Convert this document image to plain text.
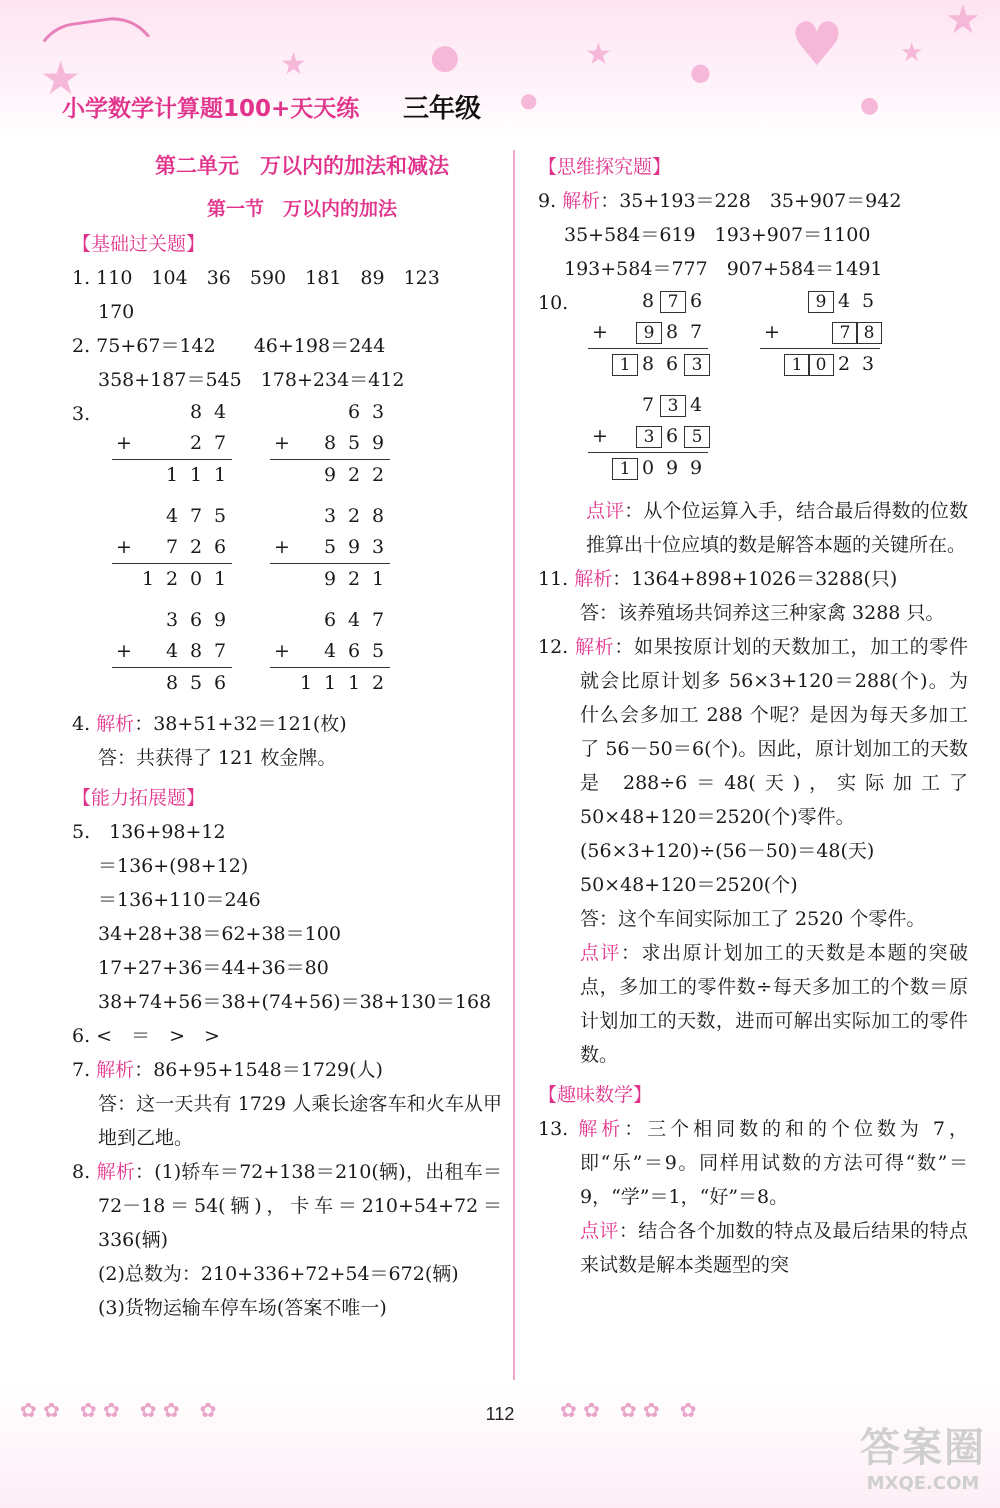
★	★	●	★	● ♥ ★
★
●	●
小学数学计算题100+天天练 三年级
第二单元　万以内的加法和减法
第一节　万以内的加法
【基础过关题】
1. 110　104　36　590　181　89　123
170
2. 75+67＝142　　46+198＝244
358+187＝545　178+234＝412
3.	8 4
+	2 7
1 1 1
6 3
+	8 5 9
9 2 2
4 7 5
+	7 2 6
1 2 0 1
3 2 8
+	5 9 3
9 2 1
3 6 9
+	4 8 7
8 5 6
6 4 7
+	4 6 5
1 1 1 2
4. 解析：38+51+32＝121(枚)
答：共获得了 121 枚金牌。
【能力拓展题】
5.　136+98+12
＝136+(98+12)
＝136+110＝246
34+28+38＝62+38＝100
17+27+36＝44+36＝80
38+74+56＝38+(74+56)＝38+130＝168
6. <　＝　>　>
7. 解析：86+95+1548＝1729(人)
答：这一天共有 1729 人乘长途客车和火车从甲地到乙地。
8. 解析：(1)轿车＝72+138＝210(辆)，出租车＝72－18＝54(辆)，卡车＝210+54+72＝336(辆)
(2)总数为：210+336+72+54＝672(辆)
(3)货物运输车停车场(答案不唯一)
【思维探究题】
9. 解析：35+193＝228　35+907＝942
35+584＝619　193+907＝1100
193+584＝777　907+584＝1491
10.	8 7 6
+	9 8 7
1 8 6 3
9 4 5
+	7 8
1 0 2 3
7 3 4
+	3 6 5
1 0 9 9
点评：从个位运算入手，结合最后得数的位数推算出十位应填的数是解答本题的关键所在。
11. 解析：1364+898+1026＝3288(只)
答：该养殖场共饲养这三种家禽 3288 只。
12. 解析：如果按原计划的天数加工，加工的零件就会比原计划多 56×3+120＝288(个)。为什么会多加工 288 个呢？是因为每天多加工了 56－50＝6(个)。因此，原计划加工的天数是 288÷6＝48(天)，实际加工了 50×48+120＝2520(个)零件。
(56×3+120)÷(56－50)＝48(天)
50×48+120＝2520(个)
答：这个车间实际加工了 2520 个零件。
点评：求出原计划加工的天数是本题的突破点，多加工的零件数÷每天多加工的个数＝原计划加工的天数，进而可解出实际加工的零件数。
【趣味数学】
13. 解析：三个相同数的和的个位数为 7，即“乐”＝9。同样用试数的方法可得“数”＝9，“学”＝1，“好”＝8。
点评：结合各个加数的特点及最后结果的特点来试数是解本类题型的突
✿ ✿　✿ ✿　✿ ✿　✿	✿ ✿　✿ ✿　✿
112
答案圈
MXQE.COM
